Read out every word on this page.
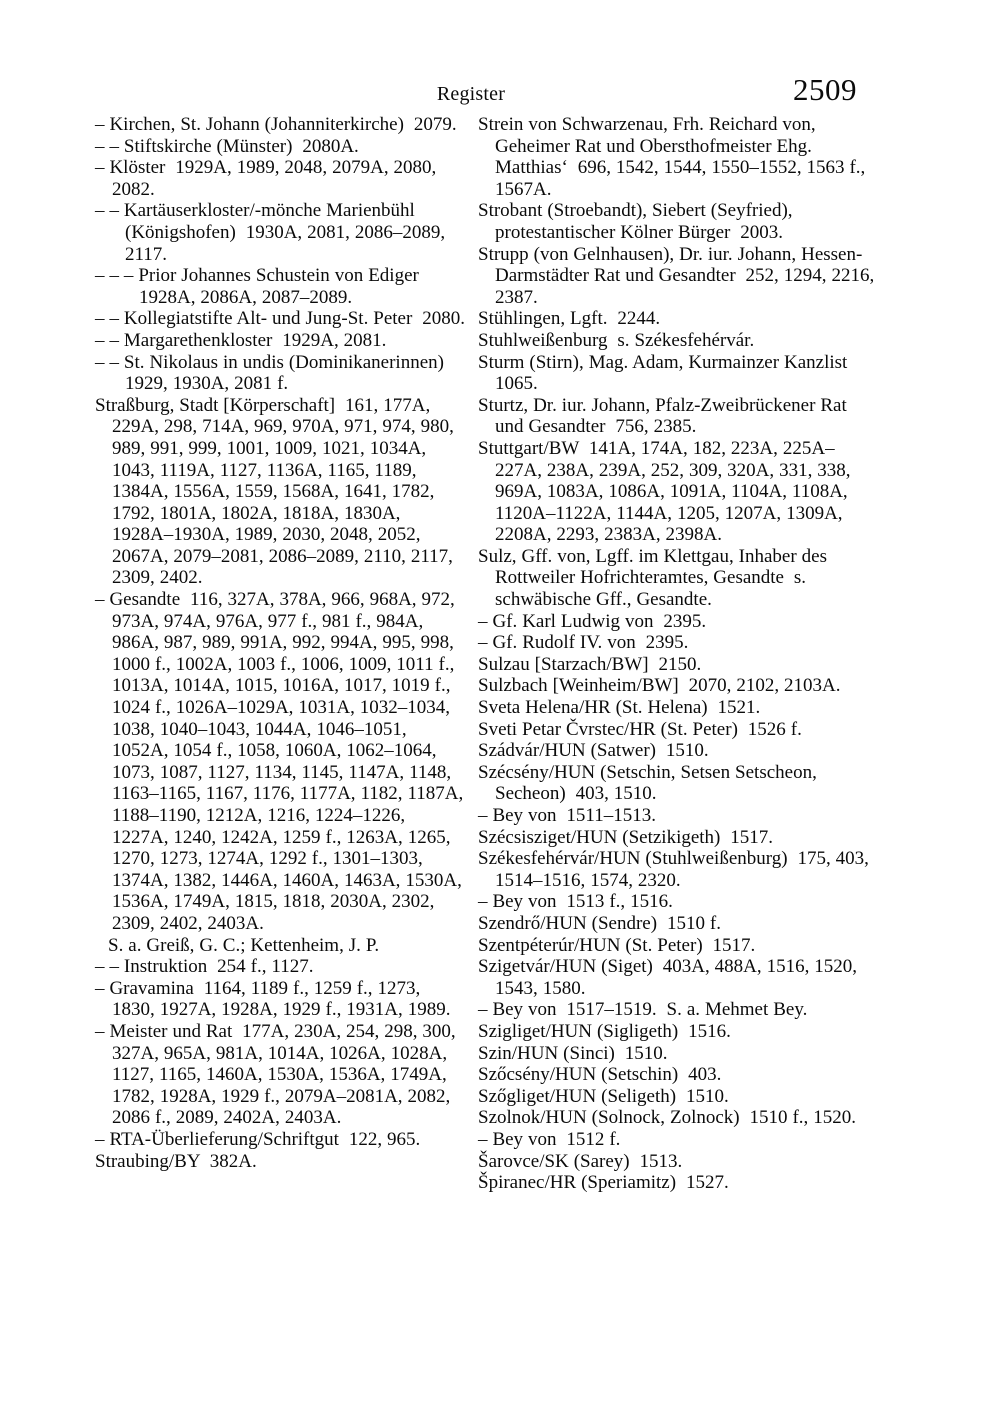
Register	2509

– Kirchen, St. Johann (Johanniterkirche)  2079.

– – Stiftskirche (Münster)  2080A.

– Klöster  1929A, 1989, 2048, 2079A, 2080, 2082.

– – Kartäuserkloster/-mönche Marienbühl (Königshofen)  1930A, 2081, 2086–2089, 2117.

– – – Prior Johannes Schustein von Ediger  1928A, 2086A, 2087–2089.

– – Kollegiatstifte Alt- und Jung-St. Peter  2080.

– – Margarethenkloster  1929A, 2081.

– – St. Nikolaus in undis (Dominikanerinnen)  1929, 1930A, 2081 f.

Straßburg, Stadt [Körperschaft]  161, 177A, 229A, 298, 714A, 969, 970A, 971, 974, 980, 989, 991, 999, 1001, 1009, 1021, 1034A, 1043, 1119A, 1127, 1136A, 1165, 1189, 1384A, 1556A, 1559, 1568A, 1641, 1782, 1792, 1801A, 1802A, 1818A, 1830A, 1928A–1930A, 1989, 2030, 2048, 2052, 2067A, 2079–2081, 2086–2089, 2110, 2117, 2309, 2402.

– Gesandte  116, 327A, 378A, 966, 968A, 972, 973A, 974A, 976A, 977 f., 981 f., 984A, 986A, 987, 989, 991A, 992, 994A, 995, 998, 1000 f., 1002A, 1003 f., 1006, 1009, 1011 f., 1013A, 1014A, 1015, 1016A, 1017, 1019 f., 1024 f., 1026A–1029A, 1031A, 1032–1034, 1038, 1040–1043, 1044A, 1046–1051, 1052A, 1054 f., 1058, 1060A, 1062–1064, 1073, 1087, 1127, 1134, 1145, 1147A, 1148, 1163–1165, 1167, 1176, 1177A, 1182, 1187A, 1188–1190, 1212A, 1216, 1224–1226, 1227A, 1240, 1242A, 1259 f., 1263A, 1265, 1270, 1273, 1274A, 1292 f., 1301–1303, 1374A, 1382, 1446A, 1460A, 1463A, 1530A, 1536A, 1749A, 1815, 1818, 2030A, 2302, 2309, 2402, 2403A.

S. a. Greiß, G. C.; Kettenheim, J. P.

– – Instruktion  254 f., 1127.

– Gravamina  1164, 1189 f., 1259 f., 1273, 1830, 1927A, 1928A, 1929 f., 1931A, 1989.

– Meister und Rat  177A, 230A, 254, 298, 300, 327A, 965A, 981A, 1014A, 1026A, 1028A, 1127, 1165, 1460A, 1530A, 1536A, 1749A, 1782, 1928A, 1929 f., 2079A–2081A, 2082, 2086 f., 2089, 2402A, 2403A.

– RTA-Überlieferung/Schriftgut  122, 965.

Straubing/BY  382A.

Strein von Schwarzenau, Frh. Reichard von, Geheimer Rat und Obersthofmeister Ehg. Matthias‘  696, 1542, 1544, 1550–1552, 1563 f., 1567A.

Strobant (Stroebandt), Siebert (Seyfried), protestantischer Kölner Bürger  2003.

Strupp (von Gelnhausen), Dr. iur. Johann, Hessen-Darmstädter Rat und Gesandter  252, 1294, 2216, 2387.

Stühlingen, Lgft.  2244.

Stuhlweißenburg  s. Székesfehérvár.

Sturm (Stirn), Mag. Adam, Kurmainzer Kanzlist  1065.

Sturtz, Dr. iur. Johann, Pfalz-Zweibrückener Rat und Gesandter  756, 2385.

Stuttgart/BW  141A, 174A, 182, 223A, 225A–227A, 238A, 239A, 252, 309, 320A, 331, 338, 969A, 1083A, 1086A, 1091A, 1104A, 1108A, 1120A–1122A, 1144A, 1205, 1207A, 1309A, 2208A, 2293, 2383A, 2398A.

Sulz, Gff. von, Lgff. im Klettgau, Inhaber des Rottweiler Hofrichteramtes, Gesandte  s. schwäbische Gff., Gesandte.

– Gf. Karl Ludwig von  2395.

– Gf. Rudolf IV. von  2395.

Sulzau [Starzach/BW]  2150.

Sulzbach [Weinheim/BW]  2070, 2102, 2103A.

Sveta Helena/HR (St. Helena)  1521.

Sveti Petar Čvrstec/HR (St. Peter)  1526 f.

Szádvár/HUN (Satwer)  1510.

Szécsény/HUN (Setschin, Setsen Setscheon, Secheon)  403, 1510.

– Bey von  1511–1513.

Szécsisziget/HUN (Setzikigeth)  1517.

Székesfehérvár/HUN (Stuhlweißenburg)  175, 403, 1514–1516, 1574, 2320.

– Bey von  1513 f., 1516.

Szendrő/HUN (Sendre)  1510 f.

Szentpéterúr/HUN (St. Peter)  1517.

Szigetvár/HUN (Siget)  403A, 488A, 1516, 1520, 1543, 1580.

– Bey von  1517–1519.  S. a. Mehmet Bey.

Szigliget/HUN (Sigligeth)  1516.

Szin/HUN (Sinci)  1510.

Szőcsény/HUN (Setschin)  403.

Szőgliget/HUN (Seligeth)  1510.

Szolnok/HUN (Solnock, Zolnock)  1510 f., 1520.

– Bey von  1512 f.

Šarovce/SK (Sarey)  1513.

Špiranec/HR (Speriamitz)  1527.
